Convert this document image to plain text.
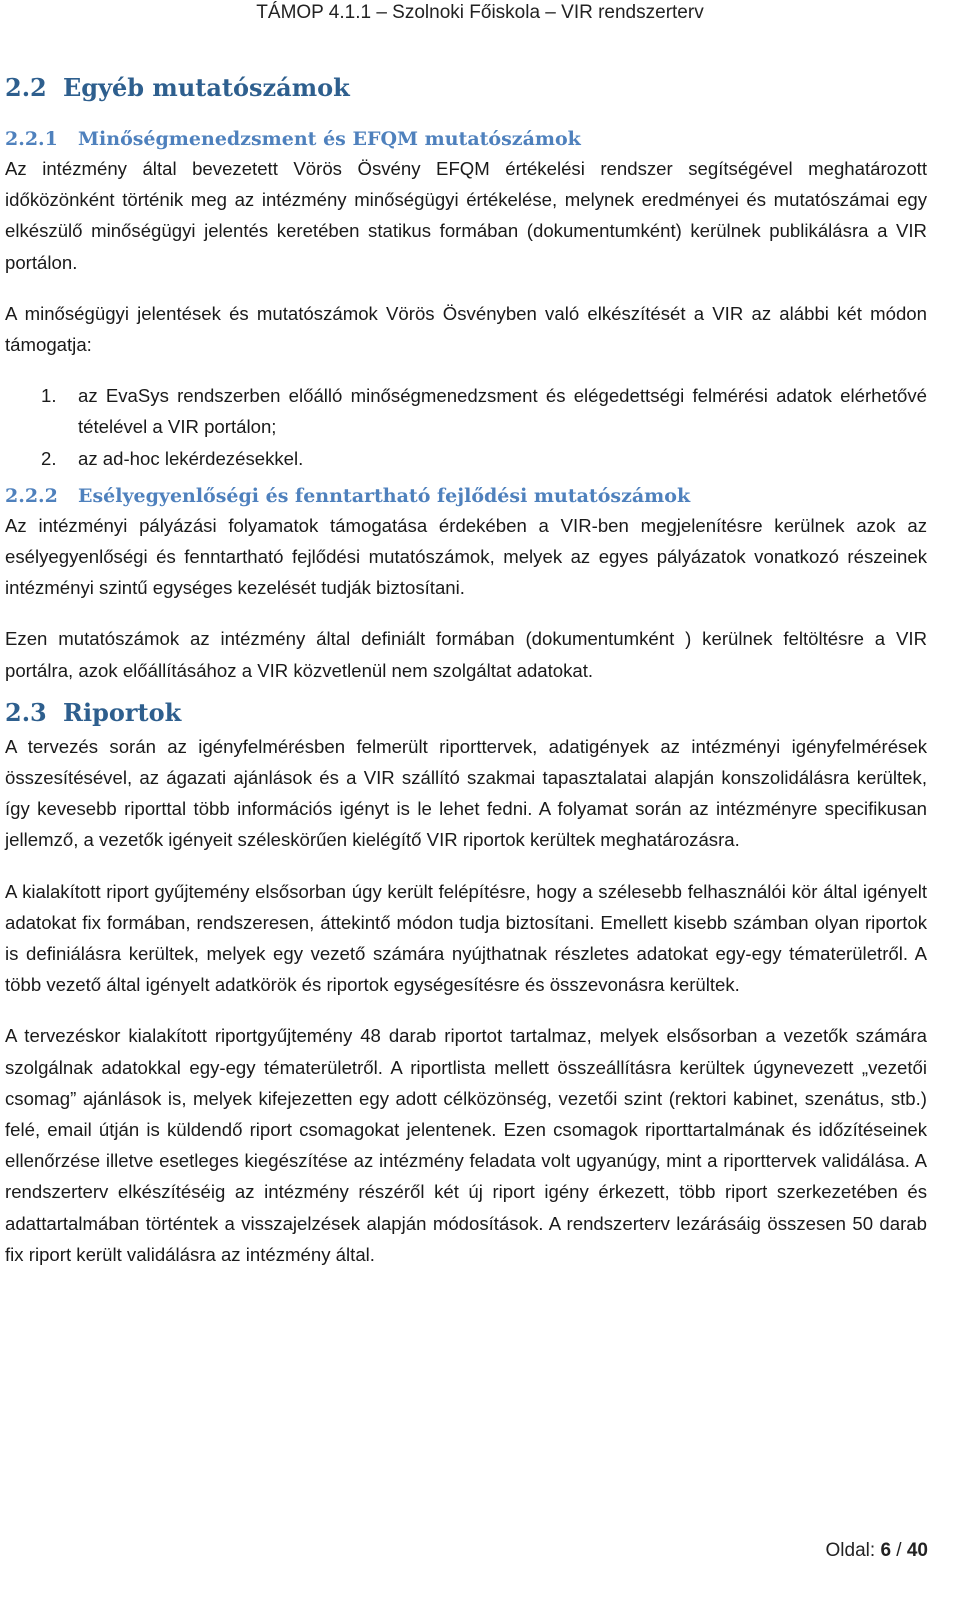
TÁMOP 4.1.1 – Szolnoki Főiskola – VIR rendszerterv
2.2 Egyéb mutatószámok
2.2.1 Minőségmenedzsment és EFQM mutatószámok

Az intézmény által bevezetett Vörös Ösvény EFQM értékelési rendszer segítségével meghatározott időközönként történik meg az intézmény minőségügyi értékelése, melynek eredményei és mutatószámai egy elkészülő minőségügyi jelentés keretében statikus formában (dokumentumként) kerülnek publikálásra a VIR portálon.

A minőségügyi jelentések és mutatószámok Vörös Ösvényben való elkészítését a VIR az alábbi két módon támogatja:

1. az EvaSys rendszerben előálló minőségmenedzsment és elégedettségi felmérési adatok elérhetővé tételével a VIR portálon;
2. az ad-hoc lekérdezésekkel.
2.2.2 Esélyegyenlőségi és fenntartható fejlődési mutatószámok

Az intézményi pályázási folyamatok támogatása érdekében a VIR-ben megjelenítésre kerülnek azok az esélyegyenlőségi és fenntartható fejlődési mutatószámok, melyek az egyes pályázatok vonatkozó részeinek intézményi szintű egységes kezelését tudják biztosítani.

Ezen mutatószámok az intézmény által definiált formában (dokumentumként ) kerülnek feltöltésre a VIR portálra, azok előállításához a VIR közvetlenül nem szolgáltat adatokat.

2.3 Riportok

A tervezés során az igényfelmérésben felmerült riporttervek, adatigények az intézményi igényfelmérések összesítésével, az ágazati ajánlások és a VIR szállító szakmai tapasztalatai alapján konszolidálásra kerültek, így kevesebb riporttal több információs igényt is le lehet fedni. A folyamat során az intézményre specifikusan jellemző, a vezetők igényeit széleskörűen kielégítő VIR riportok kerültek meghatározásra.

A kialakított riport gyűjtemény elsősorban úgy került felépítésre, hogy a szélesebb felhasználói kör által igényelt adatokat fix formában, rendszeresen, áttekintő módon tudja biztosítani. Emellett kisebb számban olyan riportok is definiálásra kerültek, melyek egy vezető számára nyújthatnak részletes adatokat egy-egy tématerületről. A több vezető által igényelt adatkörök és riportok egységesítésre és összevonásra kerültek.

A tervezéskor kialakított riportgyűjtemény 48 darab riportot tartalmaz, melyek elsősorban a vezetők számára szolgálnak adatokkal egy-egy tématerületről. A riportlista mellett összeállításra kerültek úgynevezett „vezetői csomag” ajánlások is, melyek kifejezetten egy adott célközönség, vezetői szint (rektori kabinet, szenátus, stb.) felé, email útján is küldendő riport csomagokat jelentenek. Ezen csomagok riporttartalmának és időzítéseinek ellenőrzése illetve esetleges kiegészítése az intézmény feladata volt ugyanúgy, mint a riporttervek validálása. A rendszerterv elkészítéséig az intézmény részéről két új riport igény érkezett, több riport szerkezetében és adattartalmában történtek a visszajelzések alapján módosítások. A rendszerterv lezárásáig összesen 50 darab fix riport került validálásra az intézmény által.

Oldal: 6 / 40
